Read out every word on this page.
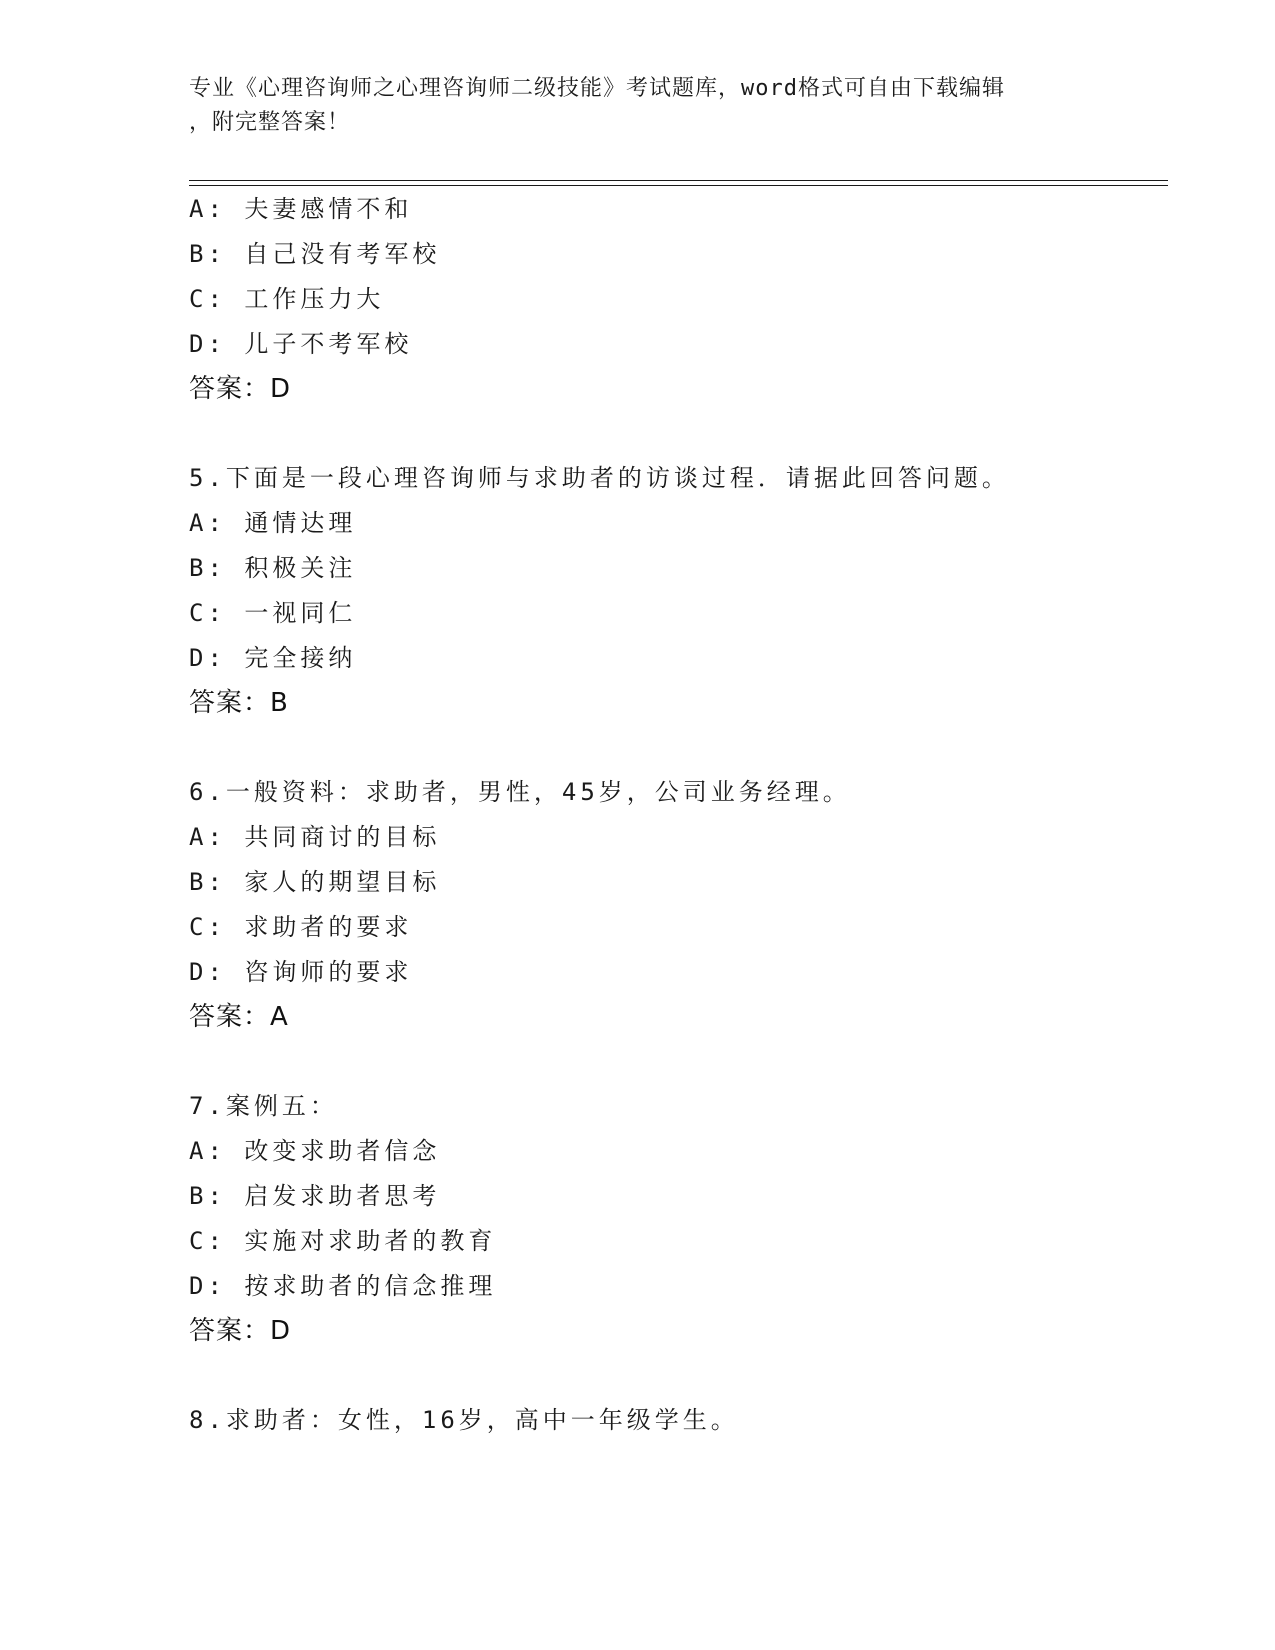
专业《心理咨询师之心理咨询师二级技能》考试题库，word格式可自由下载编辑
，附完整答案！
A: 夫妻感情不和
B: 自己没有考军校
C: 工作压力大
D: 儿子不考军校
答案：D
5.下面是一段心理咨询师与求助者的访谈过程．请据此回答问题。
A: 通情达理
B: 积极关注
C: 一视同仁
D: 完全接纳
答案：B
6.一般资料：求助者，男性，45岁，公司业务经理。
A: 共同商讨的目标
B: 家人的期望目标
C: 求助者的要求
D: 咨询师的要求
答案：A
7.案例五：
A: 改变求助者信念
B: 启发求助者思考
C: 实施对求助者的教育
D: 按求助者的信念推理
答案：D
8.求助者：女性，16岁，高中一年级学生。
